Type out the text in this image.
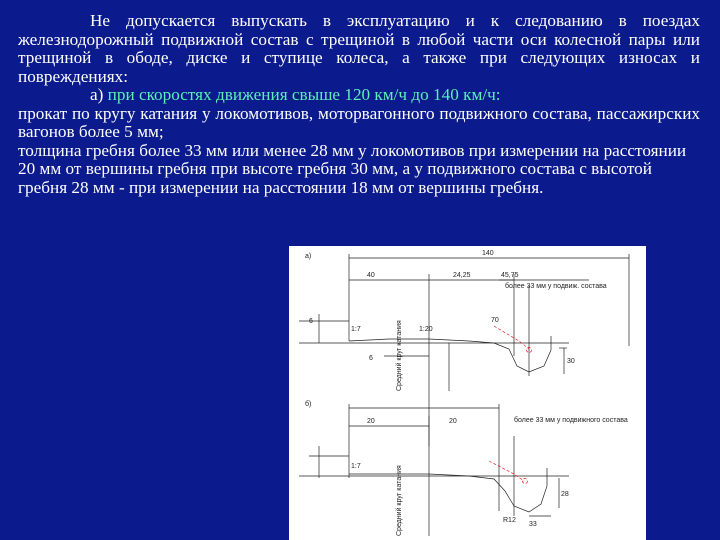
Не допускается выпускать в эксплуатацию и к следованию в поездах железнодорожный подвижной состав с трещиной в любой части оси колесной пары или трещиной в ободе, диске и ступице колеса, а также при следующих износах и повреждениях:

а) при скоростях движения свыше 120 км/ч до 140 км/ч:

прокат по кругу катания у локомотивов, моторвагонного подвижного состава, пассажирских вагонов более 5 мм;

толщина гребня более 33 мм или менее 28 мм у локомотивов при измерении на расстоянии 20 мм от вершины гребня при высоте гребня 30 мм, а у подвижного состава с высотой гребня 28 мм - при измерении на расстоянии 18 мм от вершины гребня.

а)	140
40	24,25	45,75
1:7	1:20
6
6	30
70
более 33 мм у подвиж. состава
Средний круг катания
б)
20	20
1:7
более 33 мм у подвижного состава
28
33
R12
Средний круг катания
